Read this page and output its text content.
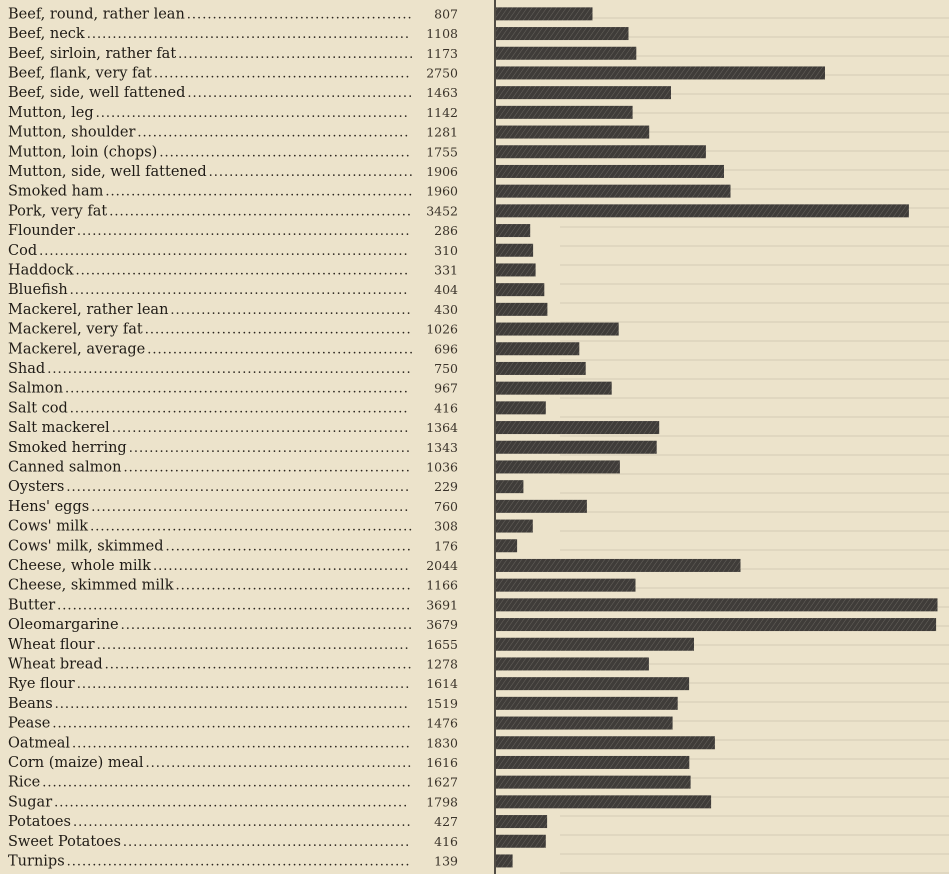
Beef, round, rather lean ............................................ 807
Beef, neck ............................................................... 1108
Beef, sirloin, rather fat .............................................. 1173
Beef, flank, very fat .................................................. 2750
Beef, side, well fattened ............................................ 1463
Mutton, leg ............................................................. 1142
Mutton, shoulder ..................................................... 1281
Mutton, loin (chops) ................................................. 1755
Mutton, side, well fattened ........................................ 1906
Smoked ham ............................................................ 1960
Pork, very fat ........................................................... 3452
Flounder ................................................................. 286
Cod ........................................................................ 310
Haddock ................................................................. 331
Bluefish .................................................................. 404
Mackerel, rather lean ............................................... 430
Mackerel, very fat .................................................... 1026
Mackerel, average .................................................... 696
Shad ....................................................................... 750
Salmon ................................................................... 967
Salt cod .................................................................. 416
Salt mackerel .......................................................... 1364
Smoked herring ....................................................... 1343
Canned salmon ........................................................ 1036
Oysters ................................................................... 229
Hens' eggs .............................................................. 760
Cows' milk ............................................................... 308
Cows' milk, skimmed ................................................ 176
Cheese, whole milk .................................................. 2044
Cheese, skimmed milk .............................................. 1166
Butter ..................................................................... 3691
Oleomargarine ......................................................... 3679
Wheat flour ............................................................. 1655
Wheat bread ............................................................ 1278
Rye flour ................................................................. 1614
Beans ..................................................................... 1519
Pease ...................................................................... 1476
Oatmeal .................................................................. 1830
Corn (maize) meal .................................................... 1616
Rice ........................................................................ 1627
Sugar ..................................................................... 1798
Potatoes .................................................................. 427
Sweet Potatoes ........................................................ 416
Turnips ................................................................... 139
